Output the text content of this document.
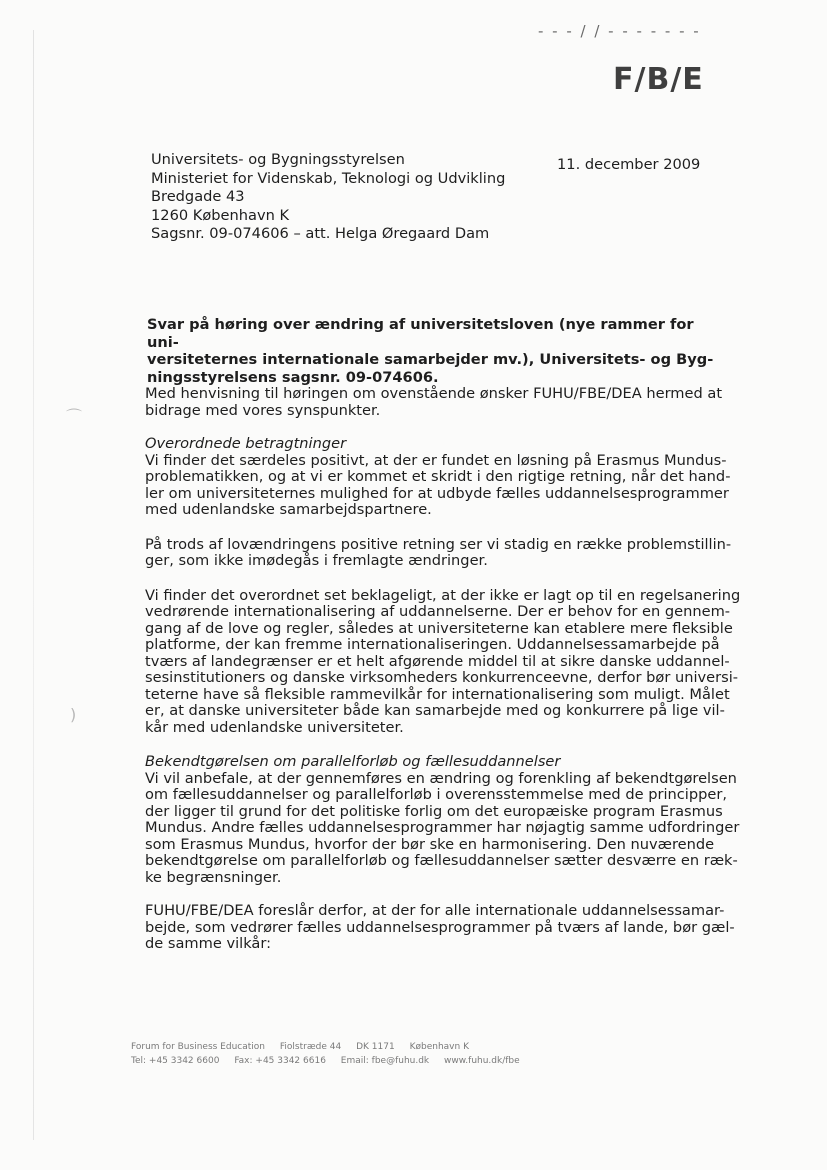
⌒
)
- - - / / - - - - - - -
F/B/E
Universitets- og Bygningsstyrelsen
Ministeriet for Videnskab, Teknologi og Udvikling
Bredgade 43
1260 København K
Sagsnr. 09-074606 – att. Helga Øregaard Dam
11. december 2009
Svar på høring over ændring af universitetsloven (nye rammer for uni-
versiteternes internationale samarbejder mv.), Universitets- og Byg-
ningsstyrelsens sagsnr. 09-074606.
Med henvisning til høringen om ovenstående ønsker FUHU/FBE/DEA hermed at
bidrage med vores synspunkter.
Overordnede betragtninger
Vi finder det særdeles positivt, at der er fundet en løsning på Erasmus Mundus-
problematikken, og at vi er kommet et skridt i den rigtige retning, når det hand-
ler om universiteternes mulighed for at udbyde fælles uddannelsesprogrammer
med udenlandske samarbejdspartnere.
På trods af lovændringens positive retning ser vi stadig en række problemstillin-
ger, som ikke imødegås i fremlagte ændringer.
Vi finder det overordnet set beklageligt, at der ikke er lagt op til en regelsanering
vedrørende internationalisering af uddannelserne. Der er behov for en gennem-
gang af de love og regler, således at universiteterne kan etablere mere fleksible
platforme, der kan fremme internationaliseringen. Uddannelsessamarbejde på
tværs af landegrænser er et helt afgørende middel til at sikre danske uddannel-
sesinstitutioners og danske virksomheders konkurrenceevne, derfor bør universi-
teterne have så fleksible rammevilkår for internationalisering som muligt. Målet
er, at danske universiteter både kan samarbejde med og konkurrere på lige vil-
kår med udenlandske universiteter.
Bekendtgørelsen om parallelforløb og fællesuddannelser
Vi vil anbefale, at der gennemføres en ændring og forenkling af bekendtgørelsen
om fællesuddannelser og parallelforløb i overensstemmelse med de principper,
der ligger til grund for det politiske forlig om det europæiske program Erasmus
Mundus. Andre fælles uddannelsesprogrammer har nøjagtig samme udfordringer
som Erasmus Mundus, hvorfor der bør ske en harmonisering. Den nuværende
bekendtgørelse om parallelforløb og fællesuddannelser sætter desværre en ræk-
ke begrænsninger.
FUHU/FBE/DEA foreslår derfor, at der for alle internationale uddannelsessamar-
bejde, som vedrører fælles uddannelsesprogrammer på tværs af lande, bør gæl-
de samme vilkår:
Forum for Business Education Fiolstræde 44 DK 1171 København K
Tel: +45 3342 6600 Fax: +45 3342 6616 Email: fbe@fuhu.dk www.fuhu.dk/fbe
